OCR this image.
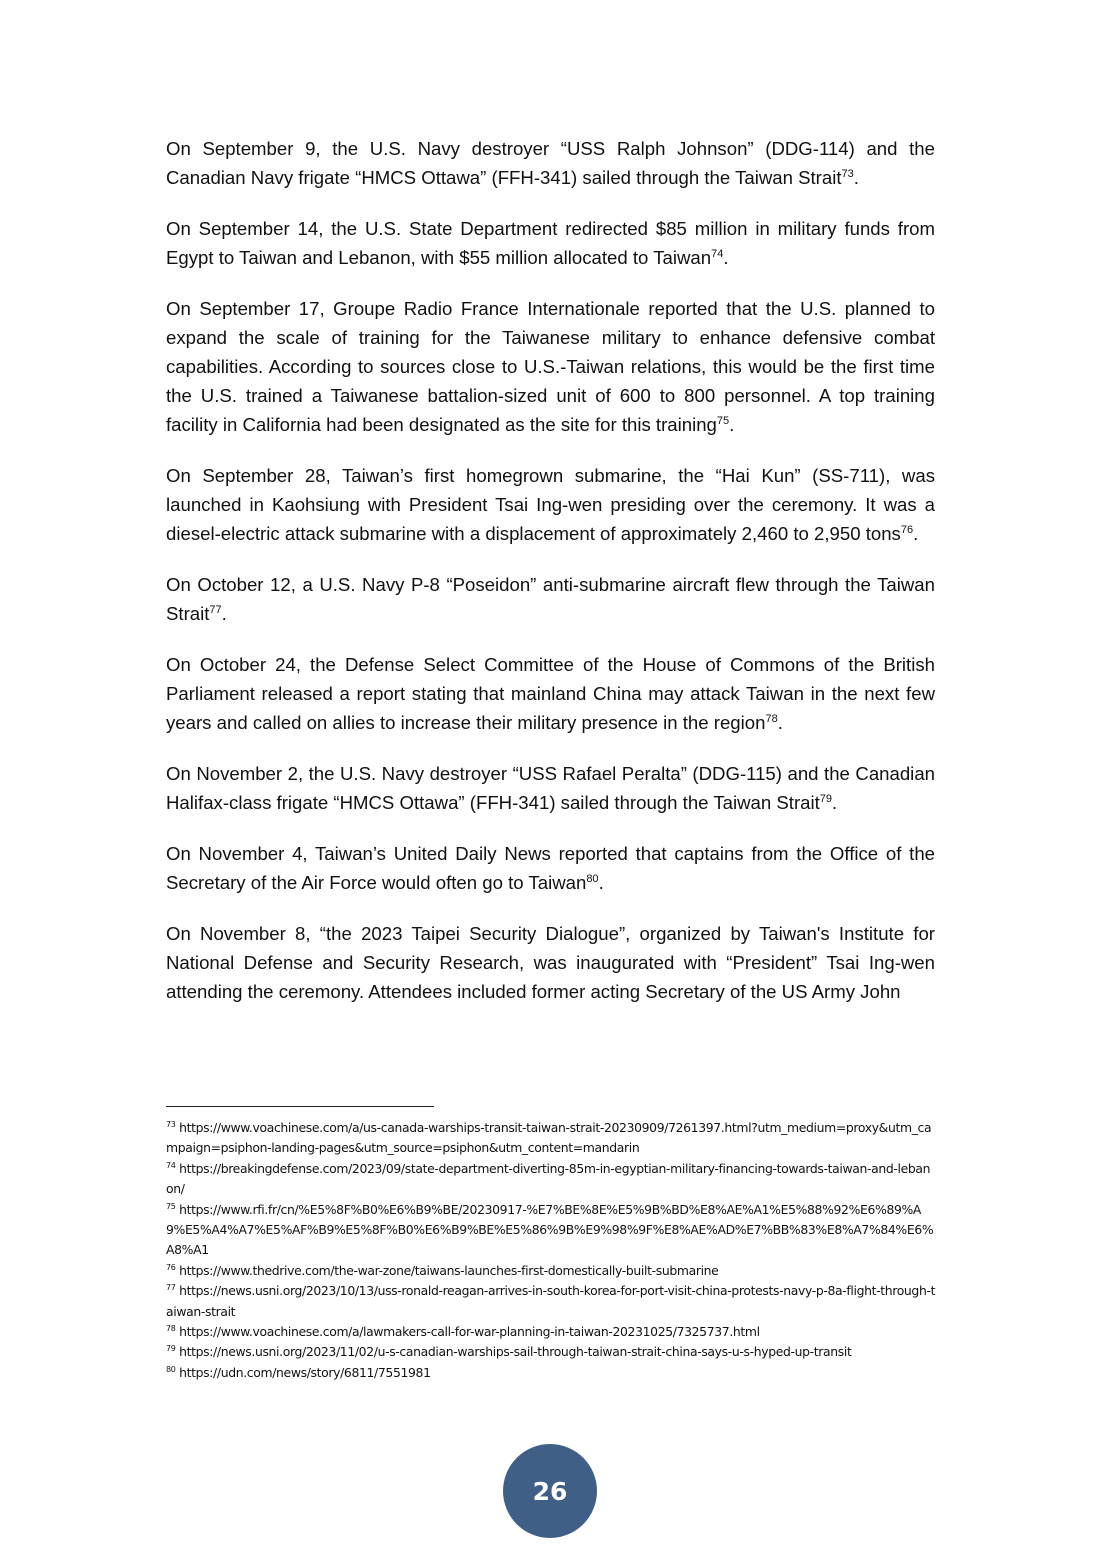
On September 9, the U.S. Navy destroyer “USS Ralph Johnson” (DDG-114) and the Canadian Navy frigate “HMCS Ottawa” (FFH-341) sailed through the Taiwan Strait$^{73}$.

On September 14, the U.S. State Department redirected $85 million in military funds from Egypt to Taiwan and Lebanon, with $55 million allocated to Taiwan$^{74}$.

On September 17, Groupe Radio France Internationale reported that the U.S. planned to expand the scale of training for the Taiwanese military to enhance defensive combat capabilities. According to sources close to U.S.-Taiwan relations, this would be the first time the U.S. trained a Taiwanese battalion-sized unit of 600 to 800 personnel. A top training facility in California had been designated as the site for this training$^{75}$.

On September 28, Taiwan’s first homegrown submarine, the “Hai Kun” (SS-711), was launched in Kaohsiung with President Tsai Ing-wen presiding over the ceremony. It was a diesel-electric attack submarine with a displacement of approximately 2,460 to 2,950 tons$^{76}$.

On October 12, a U.S. Navy P-8 “Poseidon” anti-submarine aircraft flew through the Taiwan Strait$^{77}$.

On October 24, the Defense Select Committee of the House of Commons of the British Parliament released a report stating that mainland China may attack Taiwan in the next few years and called on allies to increase their military presence in the region$^{78}$.

On November 2, the U.S. Navy destroyer “USS Rafael Peralta” (DDG-115) and the Canadian Halifax-class frigate “HMCS Ottawa” (FFH-341) sailed through the Taiwan Strait$^{79}$.

On November 4, Taiwan’s United Daily News reported that captains from the Office of the Secretary of the Air Force would often go to Taiwan$^{80}$.

On November 8, “the 2023 Taipei Security Dialogue”, organized by Taiwan's Institute for National Defense and Security Research, was inaugurated with “President” Tsai Ing-wen attending the ceremony. Attendees included former acting Secretary of the US Army John

$^{73}$ https://www.voachinese.com/a/us-canada-warships-transit-taiwan-strait-20230909/7261397.html?utm_medium=proxy&utm_campaign=psiphon-landing-pages&utm_source=psiphon&utm_content=mandarin

$^{74}$ https://breakingdefense.com/2023/09/state-department-diverting-85m-in-egyptian-military-financing-towards-taiwan-and-lebanon/

$^{75}$ https://www.rfi.fr/cn/%E5%8F%B0%E6%B9%BE/20230917-%E7%BE%8E%E5%9B%BD%E8%AE%A1%E5%88%92%E6%89%A9%E5%A4%A7%E5%AF%B9%E5%8F%B0%E6%B9%BE%E5%86%9B%E9%98%9F%E8%AE%AD%E7%BB%83%E8%A7%84%E6%A8%A1

$^{76}$ https://www.thedrive.com/the-war-zone/taiwans-launches-first-domestically-built-submarine

$^{77}$ https://news.usni.org/2023/10/13/uss-ronald-reagan-arrives-in-south-korea-for-port-visit-china-protests-navy-p-8a-flight-through-taiwan-strait

$^{78}$ https://www.voachinese.com/a/lawmakers-call-for-war-planning-in-taiwan-20231025/7325737.html

$^{79}$ https://news.usni.org/2023/11/02/u-s-canadian-warships-sail-through-taiwan-strait-china-says-u-s-hyped-up-transit

$^{80}$ https://udn.com/news/story/6811/7551981

26
